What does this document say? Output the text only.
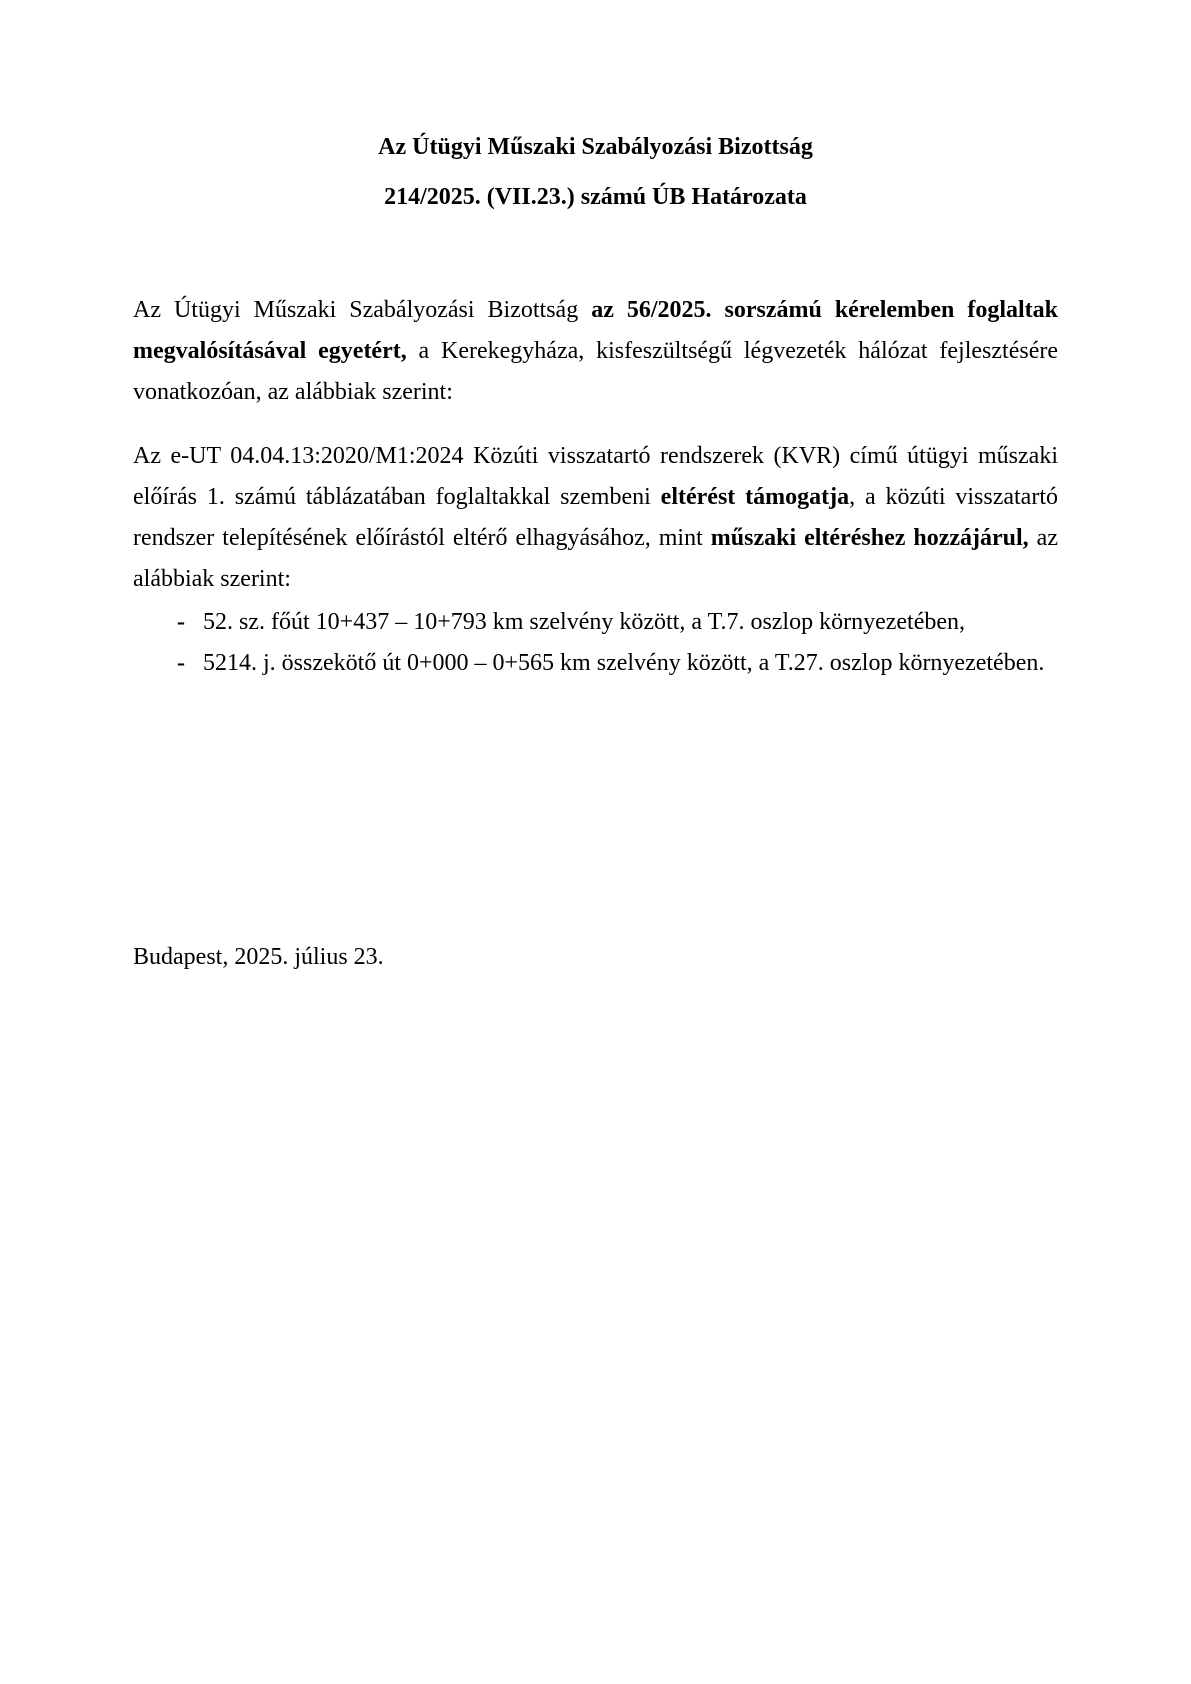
Az Útügyi Műszaki Szabályozási Bizottság
214/2025. (VII.23.) számú ÚB Határozata

Az Útügyi Műszaki Szabályozási Bizottság az 56/2025. sorszámú kérelemben foglaltak megvalósításával egyetért, a Kerekegyháza, kisfeszültségű légvezeték hálózat fejlesztésére vonatkozóan, az alábbiak szerint:

Az e-UT 04.04.13:2020/M1:2024 Közúti visszatartó rendszerek (KVR) című útügyi műszaki előírás 1. számú táblázatában foglaltakkal szembeni eltérést támogatja, a közúti visszatartó rendszer telepítésének előírástól eltérő elhagyásához, mint műszaki eltéréshez hozzájárul, az alábbiak szerint:

- 52. sz. főút 10+437 – 10+793 km szelvény között, a T.7. oszlop környezetében,
- 5214. j. összekötő út 0+000 – 0+565 km szelvény között, a T.27. oszlop környezetében.

Budapest, 2025. július 23.
